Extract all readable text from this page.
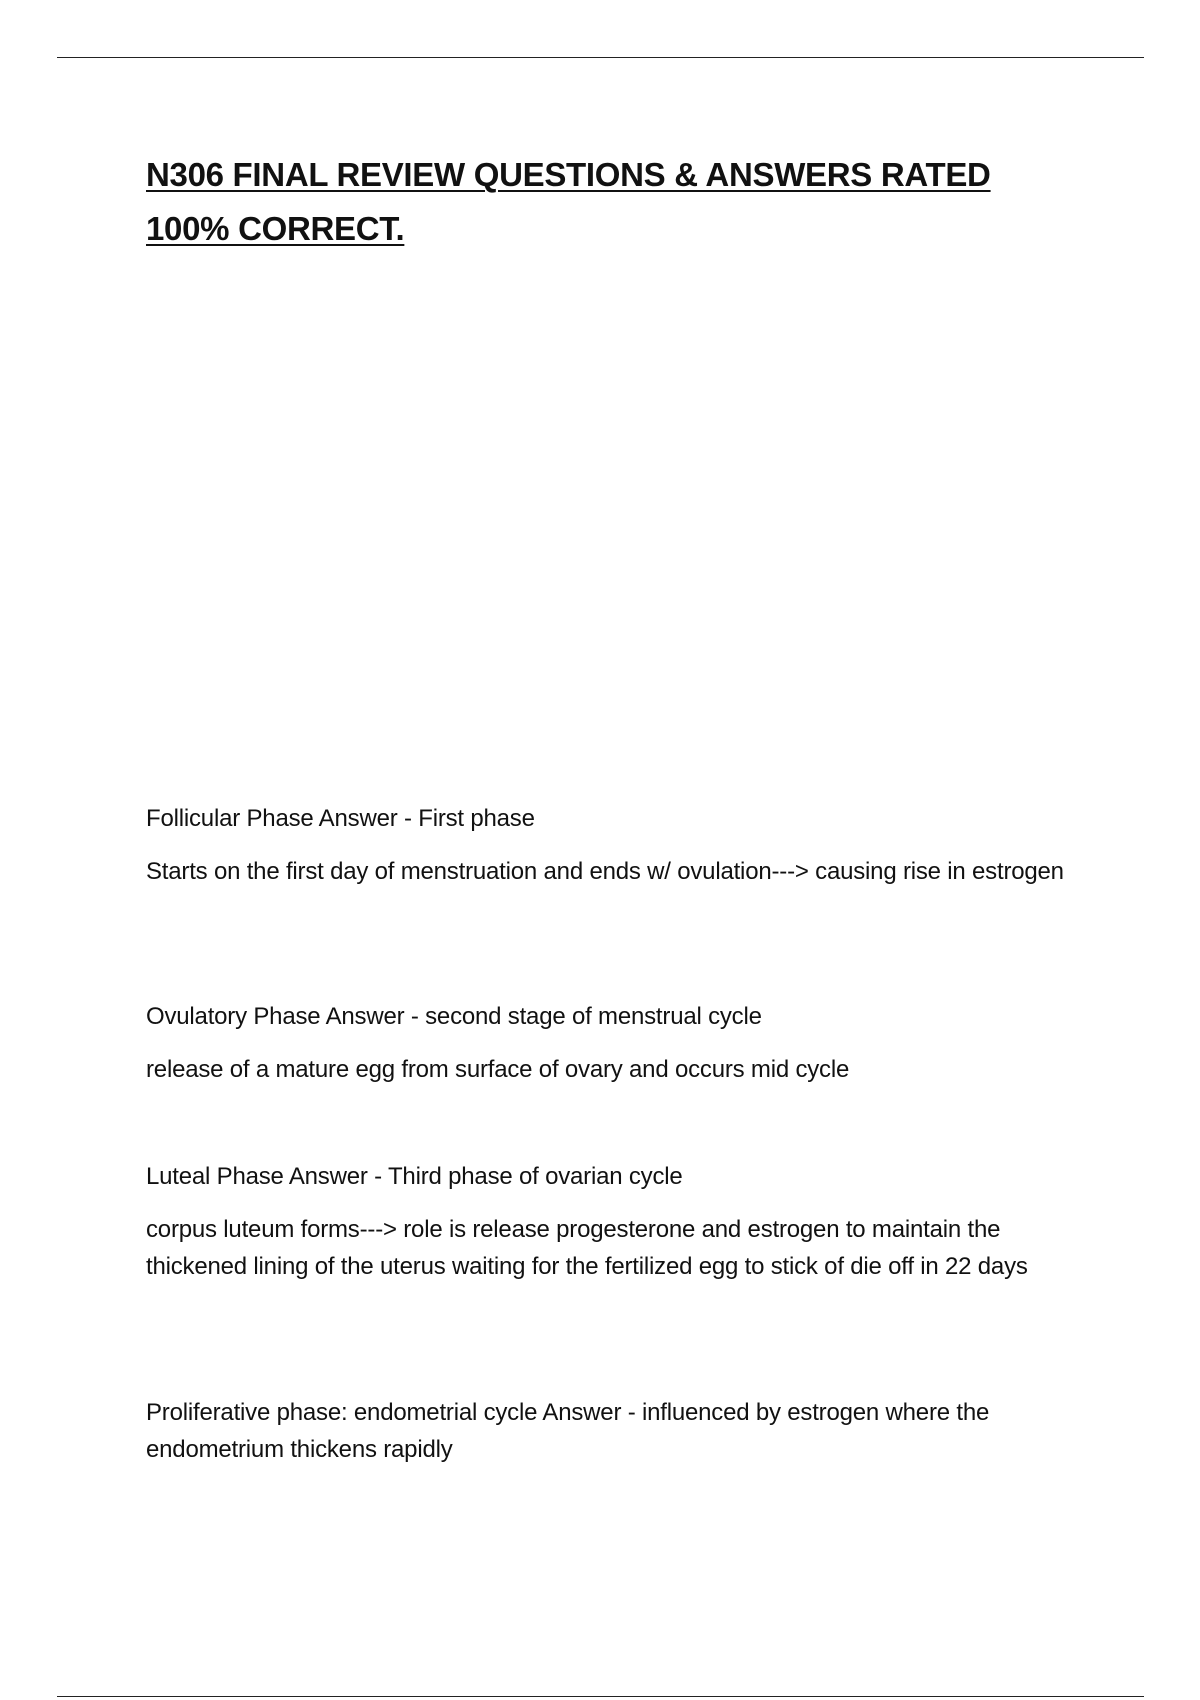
N306 FINAL REVIEW QUESTIONS & ANSWERS RATED 100% CORRECT.

Follicular Phase Answer - First phase

Starts on the first day of menstruation and ends w/ ovulation---> causing rise in estrogen

Ovulatory Phase Answer - second stage of menstrual cycle

release of a mature egg from surface of ovary and occurs mid cycle

Luteal Phase Answer - Third phase of ovarian cycle

corpus luteum forms---> role is release progesterone and estrogen to maintain the thickened lining of the uterus waiting for the fertilized egg to stick of die off in 22 days

Proliferative phase: endometrial cycle Answer - influenced by estrogen where the endometrium thickens rapidly
